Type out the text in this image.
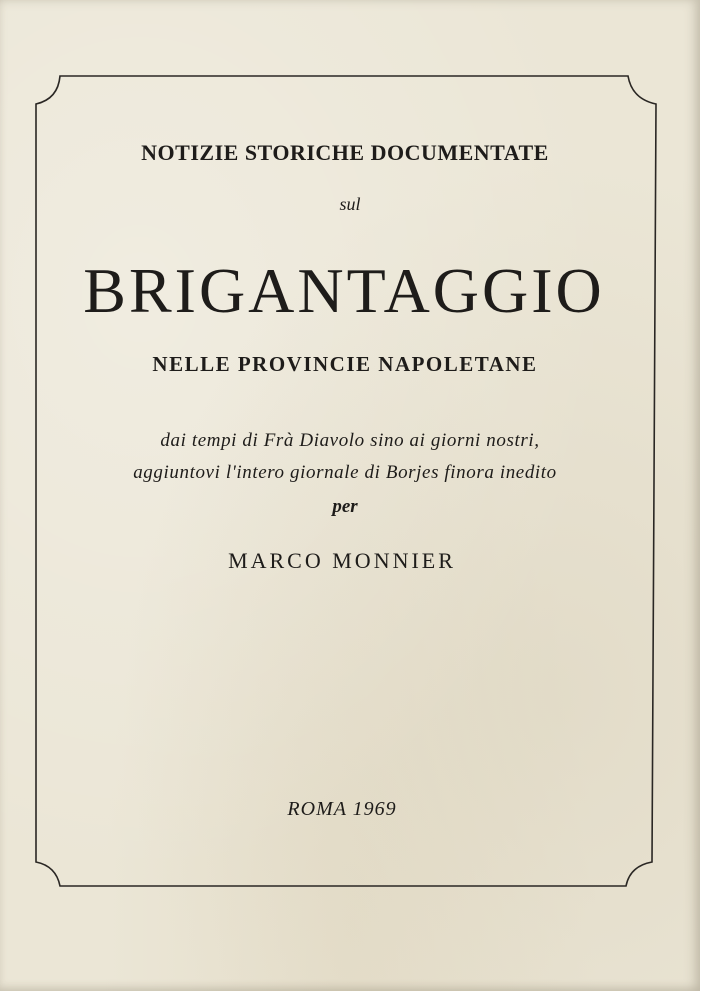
NOTIZIE STORICHE DOCUMENTATE
sul
BRIGANTAGGIO
NELLE PROVINCIE NAPOLETANE
dai tempi di Frà Diavolo sino ai giorni nostri,
aggiuntovi l'intero giornale di Borjes finora inedito
per
MARCO MONNIER
ROMA 1969
